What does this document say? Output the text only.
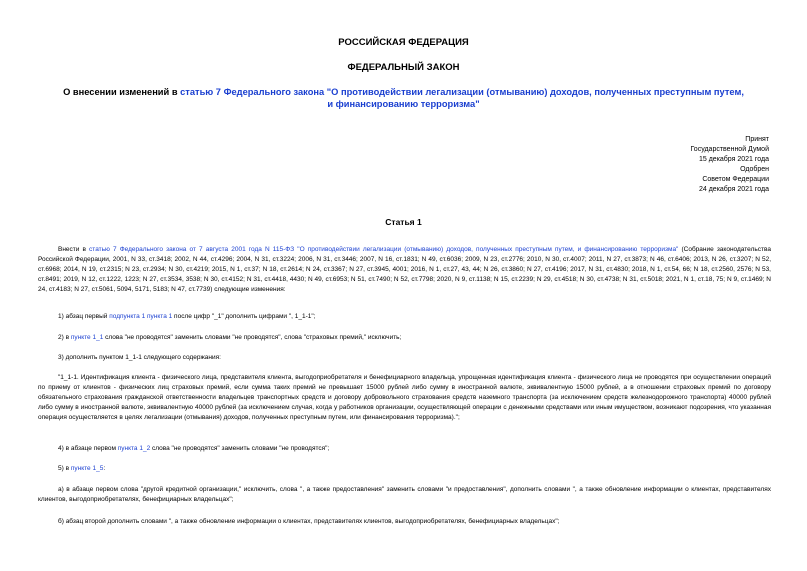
РОССИЙСКАЯ ФЕДЕРАЦИЯ
ФЕДЕРАЛЬНЫЙ ЗАКОН
О внесении изменений в статью 7 Федерального закона "О противодействии легализации (отмыванию) доходов, полученных преступным путем, и финансированию терроризма"
Принят
Государственной Думой
15 декабря 2021 года
Одобрен
Советом Федерации
24 декабря 2021 года
Статья 1
Внести в статью 7 Федерального закона от 7 августа 2001 года N 115-ФЗ "О противодействии легализации (отмыванию) доходов, полученных преступным путем, и финансированию терроризма" (Собрание законодательства Российской Федерации, 2001, N 33, ст.3418; 2002, N 44, ст.4296; 2004, N 31, ст.3224; 2006, N 31, ст.3446; 2007, N 16, ст.1831; N 49, ст.6036; 2009, N 23, ст.2776; 2010, N 30, ст.4007; 2011, N 27, ст.3873; N 46, ст.6406; 2013, N 26, ст.3207; N 52, ст.6968; 2014, N 19, ст.2315; N 23, ст.2934; N 30, ст.4219; 2015, N 1, ст.37; N 18, ст.2614; N 24, ст.3367; N 27, ст.3945, 4001; 2016, N 1, ст.27, 43, 44; N 26, ст.3860; N 27, ст.4196; 2017, N 31, ст.4830; 2018, N 1, ст.54, 66; N 18, ст.2560, 2576; N 53, ст.8491; 2019, N 12, ст.1222, 1223; N 27, ст.3534, 3538; N 30, ст.4152; N 31, ст.4418, 4430; N 49, ст.6953; N 51, ст.7490; N 52, ст.7798; 2020, N 9, ст.1138; N 15, ст.2239; N 29, ст.4518; N 30, ст.4738; N 31, ст.5018; 2021, N 1, ст.18, 75; N 9, ст.1469; N 24, ст.4183; N 27, ст.5061, 5094, 5171, 5183; N 47, ст.7739) следующие изменения:
1) абзац первый подпункта 1 пункта 1 после цифр "_1" дополнить цифрами ", 1_1-1";
2) в пункте 1_1 слова "не проводятся" заменить словами "не проводятся", слова "страховых премий," исключить;
3) дополнить пунктом 1_1-1 следующего содержания:
"1_1-1. Идентификация клиента - физического лица, представителя клиента, выгодоприобретателя и бенефициарного владельца, упрощенная идентификация клиента - физического лица не проводятся при осуществлении операций по приему от клиентов - физических лиц страховых премий, если сумма таких премий не превышает 15000 рублей либо сумму в иностранной валюте, эквивалентную 15000 рублей, а в отношении страховых премий по договору обязательного страхования гражданской ответственности владельцев транспортных средств и договору добровольного страхования средств наземного транспорта (за исключением средств железнодорожного транспорта) 40000 рублей либо сумму в иностранной валюте, эквивалентную 40000 рублей (за исключением случая, когда у работников организации, осуществляющей операции с денежными средствами или иным имуществом, возникают подозрения, что указанная операция осуществляется в целях легализации (отмывания) доходов, полученных преступным путем, или финансирования терроризма).";
4) в абзаце первом пункта 1_2 слова "не проводятся" заменить словами "не проводятся";
5) в пункте 1_5:
а) в абзаце первом слова "другой кредитной организации," исключить, слова ", а также предоставления" заменить словами "и предоставления", дополнить словами ", а также обновление информации о клиентах, представителях клиентов, выгодоприобретателях, бенефициарных владельцах";
б) абзац второй дополнить словами ", а также обновление информации о клиентах, представителях клиентов, выгодоприобретателях, бенефициарных владельцах";
